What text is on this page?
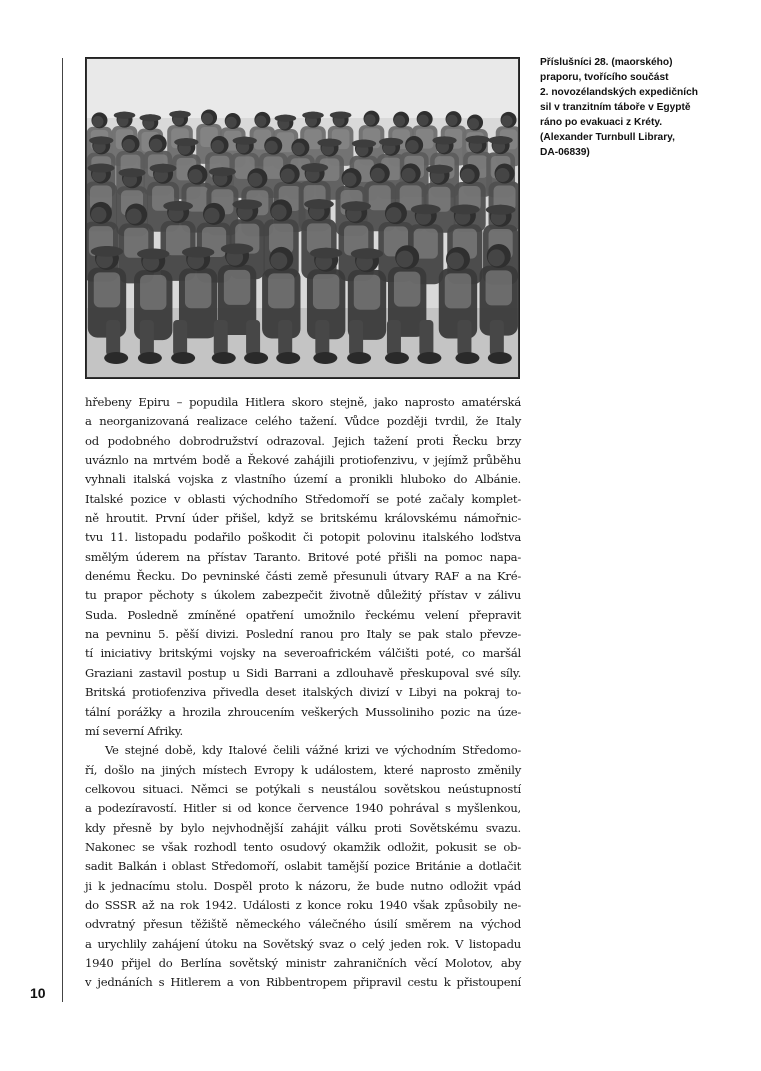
10
Příslušníci 28. (maorského)
praporu, tvořícího součást
2. novozélandských expedičních
sil v tranzitním táboře v Egyptě
ráno po evakuaci z Kréty.
(Alexander Turnbull Library,
DA-06839)
hřebeny Epiru – popudila Hitlera skoro stejně, jako naprosto amatérská
a neorganizovaná realizace celého tažení. Vůdce později tvrdil, že Italy
od podobného dobrodružství odrazoval. Jejich tažení proti Řecku brzy
uváznlo na mrtvém bodě a Řekové zahájili protiofenzivu, v jejímž průběhu
vyhnali italská vojska z vlastního území a pronikli hluboko do Albánie.
Italské pozice v oblasti východního Středomoří se poté začaly komplet-
ně hroutit. První úder přišel, když se britskému královskému námořnic-
tvu 11. listopadu podařilo poškodit či potopit polovinu italského loďstva
smělým úderem na přístav Taranto. Britové poté přišli na pomoc napa-
denému Řecku. Do pevninské části země přesunuli útvary RAF a na Kré-
tu prapor pěchoty s úkolem zabezpečit životně důležitý přístav v zálivu
Suda. Posledně zmíněné opatření umožnilo řeckému velení přepravit
na pevninu 5. pěší divizi. Poslední ranou pro Italy se pak stalo převze-
tí iniciativy britskými vojsky na severoafrickém válčišti poté, co maršál
Graziani zastavil postup u Sidi Barrani a zdlouhavě přeskupoval své síly.
Britská protiofenziva přivedla deset italských divizí v Libyi na pokraj to-
tální porážky a hrozila zhroucením veškerých Mussoliniho pozic na úze-
mí severní Afriky.
Ve stejné době, kdy Italové čelili vážné krizi ve východním Středomo-
ří, došlo na jiných místech Evropy k událostem, které naprosto změnily
celkovou situaci. Němci se potýkali s neustálou sovětskou neústupností
a podezíravostí. Hitler si od konce července 1940 pohrával s myšlenkou,
kdy přesně by bylo nejvhodnější zahájit válku proti Sovětskému svazu.
Nakonec se však rozhodl tento osudový okamžik odložit, pokusit se ob-
sadit Balkán i oblast Středomoří, oslabit tamější pozice Británie a dotlačit
ji k jednacímu stolu. Dospěl proto k názoru, že bude nutno odložit vpád
do SSSR až na rok 1942. Události z konce roku 1940 však způsobily ne-
odvratný přesun těžiště německého válečného úsilí směrem na východ
a urychlily zahájení útoku na Sovětský svaz o celý jeden rok. V listopadu
1940 přijel do Berlína sovětský ministr zahraničních věcí Molotov, aby
v jednáních s Hitlerem a von Ribbentropem připravil cestu k přistoupení
